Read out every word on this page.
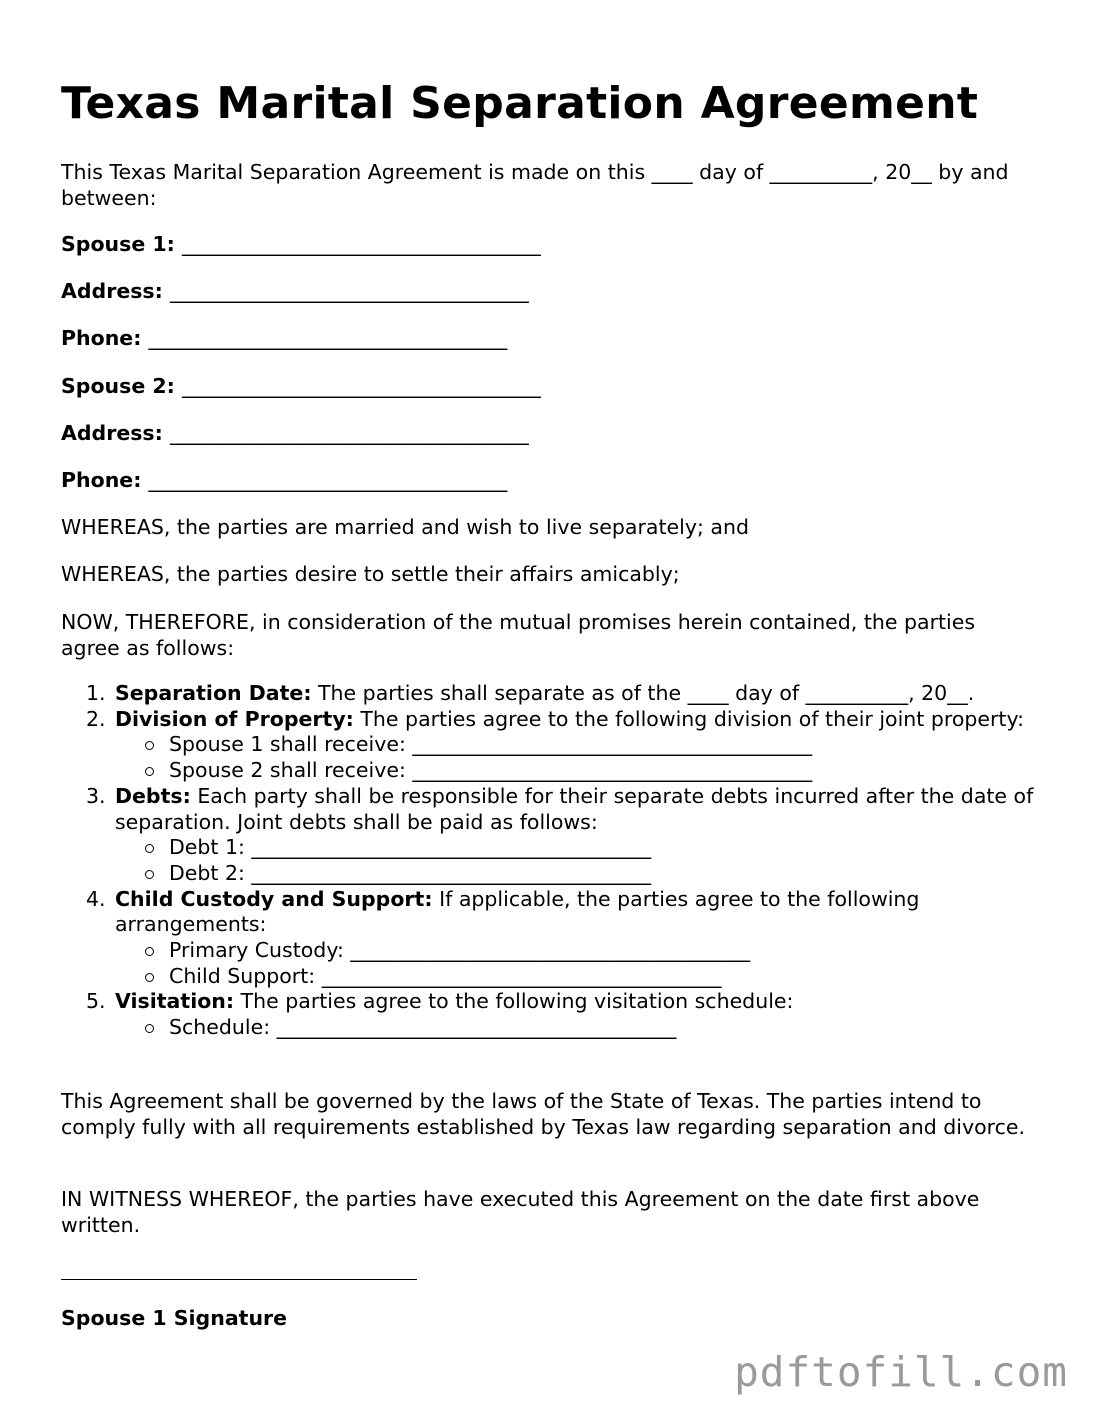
Texas Marital Separation Agreement

This Texas Marital Separation Agreement is made on this ____ day of __________, 20__ by and between:

Spouse 1: ___________________________________
Address: ___________________________________
Phone: ___________________________________
Spouse 2: ___________________________________
Address: ___________________________________
Phone: ___________________________________

WHEREAS, the parties are married and wish to live separately; and

WHEREAS, the parties desire to settle their affairs amicably;

NOW, THEREFORE, in consideration of the mutual promises herein contained, the parties agree as follows:

1. Separation Date: The parties shall separate as of the ____ day of __________, 20__.
2. Division of Property: The parties agree to the following division of their joint property:
Spouse 1 shall receive: _______________________________________
Spouse 2 shall receive: _______________________________________
3. Debts: Each party shall be responsible for their separate debts incurred after the date of separation. Joint debts shall be paid as follows:
Debt 1: _______________________________________
Debt 2: _______________________________________
4. Child Custody and Support: If applicable, the parties agree to the following arrangements:
Primary Custody: _______________________________________
Child Support: _______________________________________
5. Visitation: The parties agree to the following visitation schedule:
Schedule: _______________________________________

This Agreement shall be governed by the laws of the State of Texas. The parties intend to comply fully with all requirements established by Texas law regarding separation and divorce.

IN WITNESS WHEREOF, the parties have executed this Agreement on the date first above written.

Spouse 1 Signature
pdftofill.com
